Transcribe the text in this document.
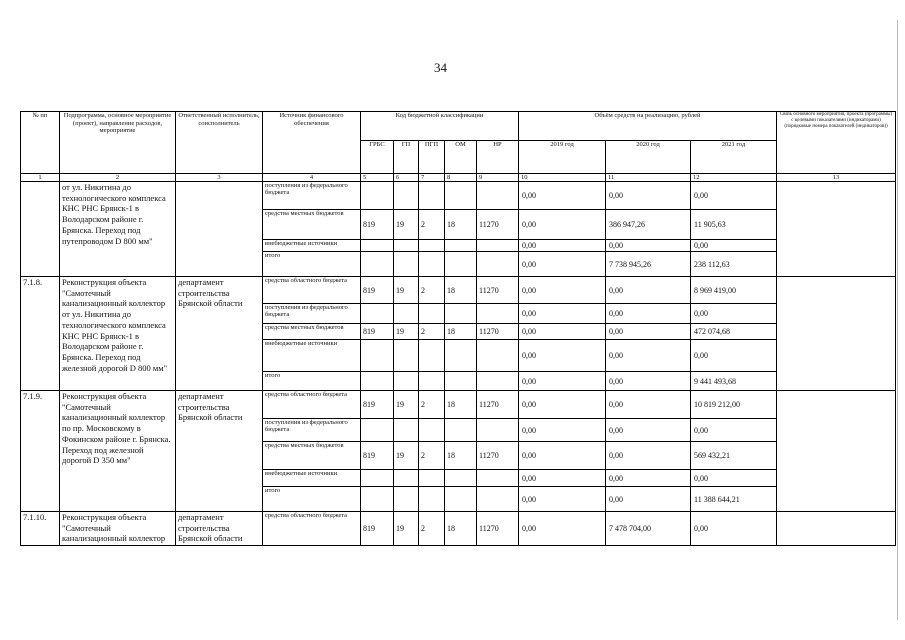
34
№ пп	Подпрограмма, основное мероприятие (проект), направление расходов, мероприятие	Ответственный исполнитель, соисполнитель	Источник финансового обеспечения	Код бюджетной классификации					Объём средств на реализацию, рублей			Связь основного мероприятия, проекта (программы) с целевыми показателями (индикаторами) (порядковые номера показателей (индикаторов))
				ГРБС	ГП	ПГП	ОМ	НР	2019 год	2020 год	2021 год	
1	2	3	4	5	6	7	8	9	10	11	12	13
	от ул. Никитина до технологического комплекса КНС РНС Брянск-1 в Володарском районе г. Брянска. Переход под путепроводом D 800 мм"		поступления из федерального бюджета						0,00	0,00	0,00	
			средства местных бюджетов	819	19	2	18	11270	0,00	386 947,26	11 905,63	
			внебюджетные источники						0,00	0,00	0,00	
			итого						0,00	7 738 945,26	238 112,63	
7.1.8.	Реконструкция объекта "Самотечный канализационный коллектор от ул. Никитина до технологического комплекса КНС РНС Брянск-1 в Володарском районе г. Брянска. Переход под железной дорогой D 800 мм"	департамент строительства Брянской области	средства областного бюджета	819	19	2	18	11270	0,00	0,00	8 969 419,00	
			поступления из федерального бюджета						0,00	0,00	0,00	
			средства местных бюджетов	819	19	2	18	11270	0,00	0,00	472 074,68	
			внебюджетные источники						0,00	0,00	0,00	
			итого						0,00	0,00	9 441 493,68	
7.1.9.	Реконструкция объекта "Самотечный канализационный коллектор по пр. Московскому в Фокинском районе г. Брянска. Переход под железной дорогой D 350 мм"	департамент строительства Брянской области	средства областного бюджета	819	19	2	18	11270	0,00	0,00	10 819 212,00	
			поступления из федерального бюджета						0,00	0,00	0,00	
			средства местных бюджетов	819	19	2	18	11270	0,00	0,00	569 432,21	
			внебюджетные источники						0,00	0,00	0,00	
			итого						0,00	0,00	11 388 644,21	
7.1.10.	Реконструкция объекта "Самотечный канализационный коллектор	департамент строительства Брянской области	средства областного бюджета	819	19	2	18	11270	0,00	7 478 704,00	0,00	
